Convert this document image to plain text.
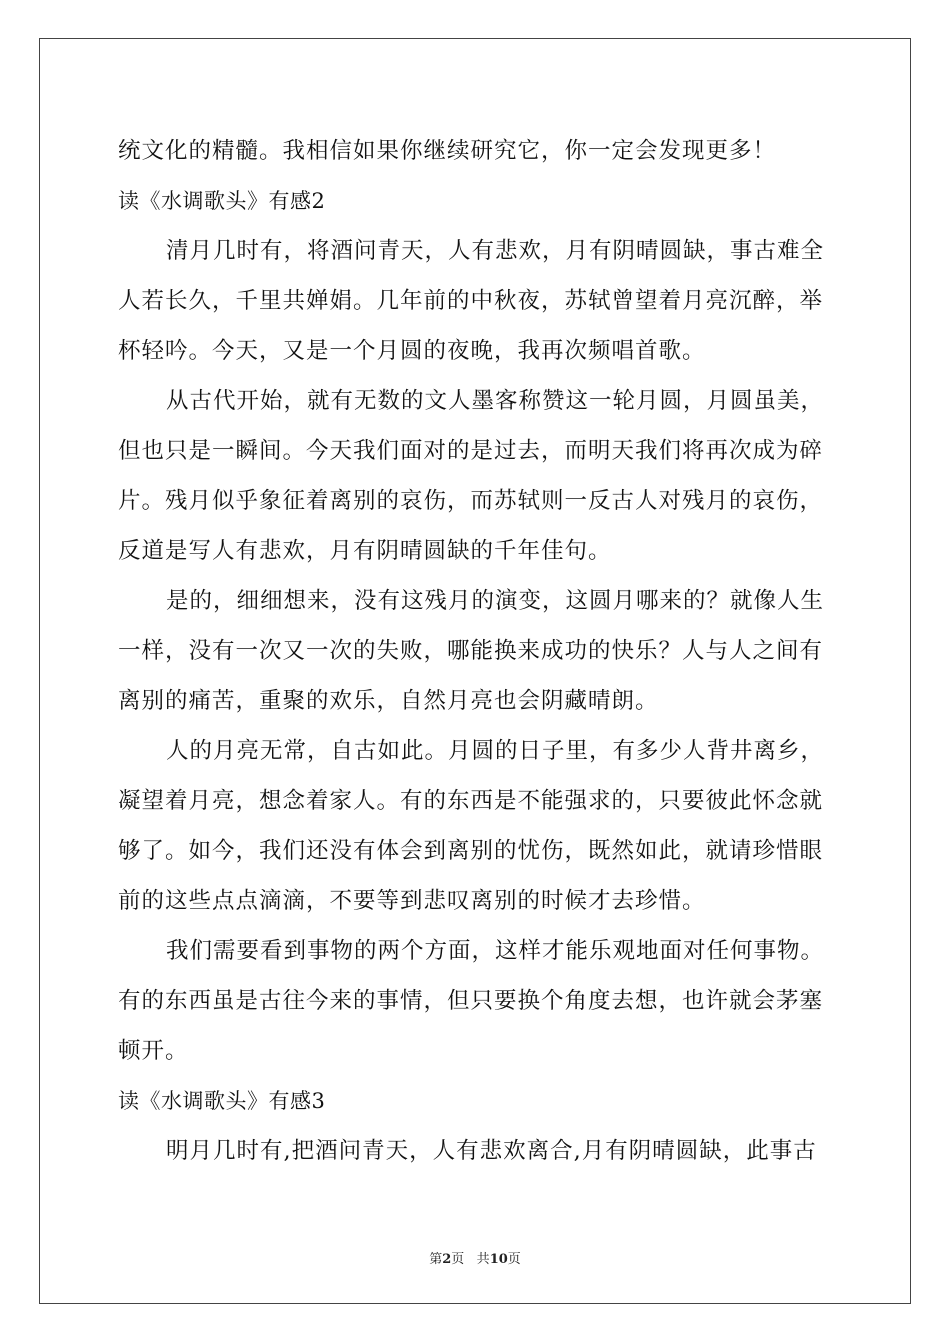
统文化的精髓。我相信如果你继续研究它，你一定会发现更多！
读《水调歌头》有感2
清月几时有，将酒问青天，人有悲欢，月有阴晴圆缺，事古难全
人若长久，千里共婵娟。几年前的中秋夜，苏轼曾望着月亮沉醉，举
杯轻吟。今天，又是一个月圆的夜晚，我再次频唱首歌。
从古代开始，就有无数的文人墨客称赞这一轮月圆，月圆虽美，
但也只是一瞬间。今天我们面对的是过去，而明天我们将再次成为碎
片。残月似乎象征着离别的哀伤，而苏轼则一反古人对残月的哀伤，
反道是写人有悲欢，月有阴晴圆缺的千年佳句。
是的，细细想来，没有这残月的演变，这圆月哪来的？就像人生
一样，没有一次又一次的失败，哪能换来成功的快乐？人与人之间有
离别的痛苦，重聚的欢乐，自然月亮也会阴藏晴朗。
人的月亮无常，自古如此。月圆的日子里，有多少人背井离乡，
凝望着月亮，想念着家人。有的东西是不能强求的，只要彼此怀念就
够了。如今，我们还没有体会到离别的忧伤，既然如此，就请珍惜眼
前的这些点点滴滴，不要等到悲叹离别的时候才去珍惜。
我们需要看到事物的两个方面，这样才能乐观地面对任何事物。
有的东西虽是古往今来的事情，但只要换个角度去想，也许就会茅塞
顿开。
读《水调歌头》有感3
明月几时有,把酒问青天，人有悲欢离合,月有阴晴圆缺，此事古
第2页 共10页
